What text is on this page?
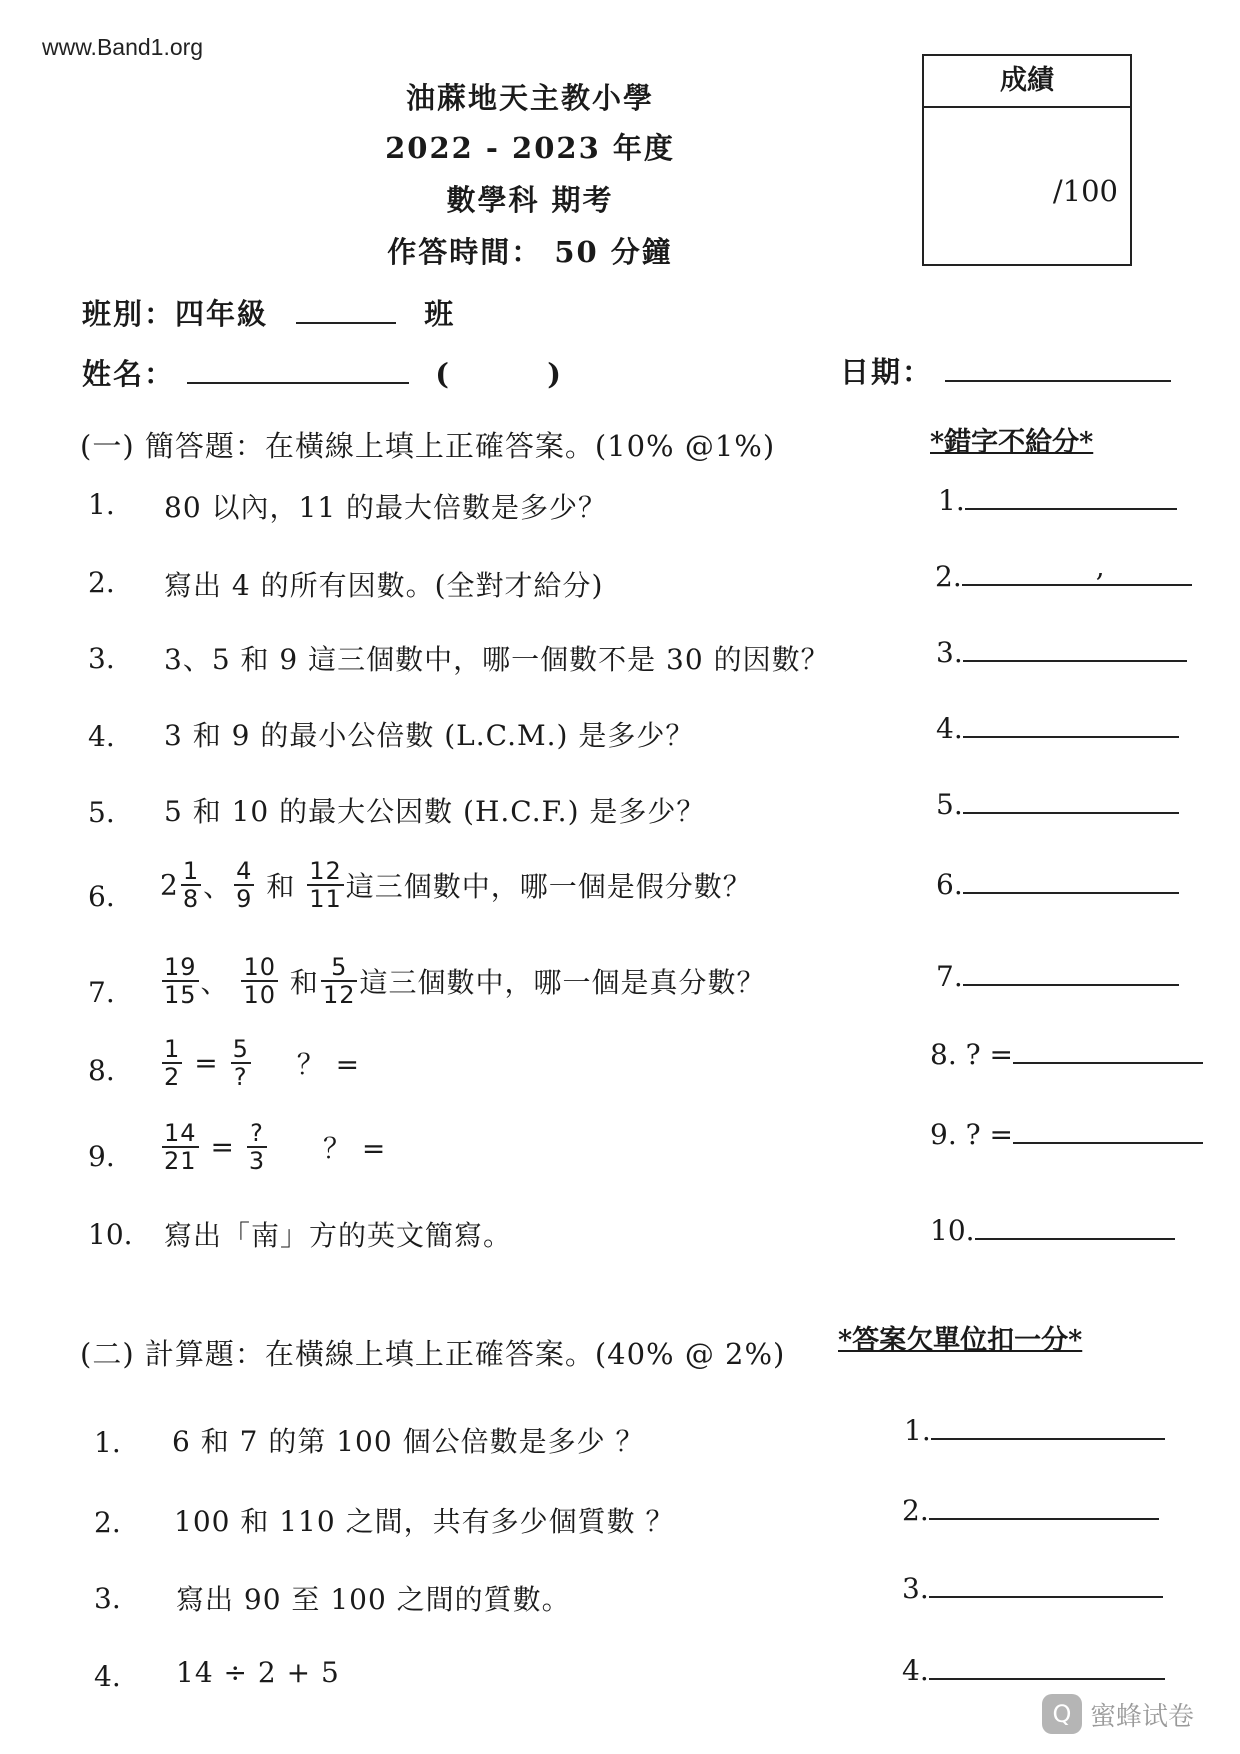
www.Band1.org
油蔴地天主教小學
2022 - 2023 年度
數學科 期考
作答時間： 50 分鐘
成績
/100
班別：四年級	班
姓名：	(	)	日期：
(一) 簡答題：在橫線上填上正確答案。(10% @1%)	*錯字不給分*
1. 80 以內，11 的最大倍數是多少？	1.
2. 寫出 4 的所有因數。(全對才給分)	2.	,
3. 3、5 和 9 這三個數中，哪一個數不是 30 的因數？	3.
4. 3 和 9 的最小公倍數 (L.C.M.) 是多少？	4.
5. 5 和 10 的最大公因數 (H.C.F.) 是多少？	5.
6. $2 \frac{1}{8}$ 、 $\frac{4}{9}$ 和 $\frac{12}{11}$ 這三個數中，哪一個是假分數？	6.
7. $\frac{19}{15}$ 、 $\frac{10}{10}$ 和 $\frac{5}{12}$ 這三個數中，哪一個是真分數？	7.
8. $\frac{1}{2} = \frac{5}{?}$ ？ =	8. ? =
9. $\frac{14}{21} = \frac{?}{3}$ ？ =	9. ? =
10. 寫出「南」方的英文簡寫。	10.
(二) 計算題：在橫線上填上正確答案。(40% @ 2%) *答案欠單位扣一分*
1. 6 和 7 的第 100 個公倍數是多少 ？	1.
2. 100 和 110 之間，共有多少個質數 ？	2.
3. 寫出 90 至 100 之間的質數。	3.
4. 14 ÷ 2 + 5	4.
Q 蜜蜂试卷
